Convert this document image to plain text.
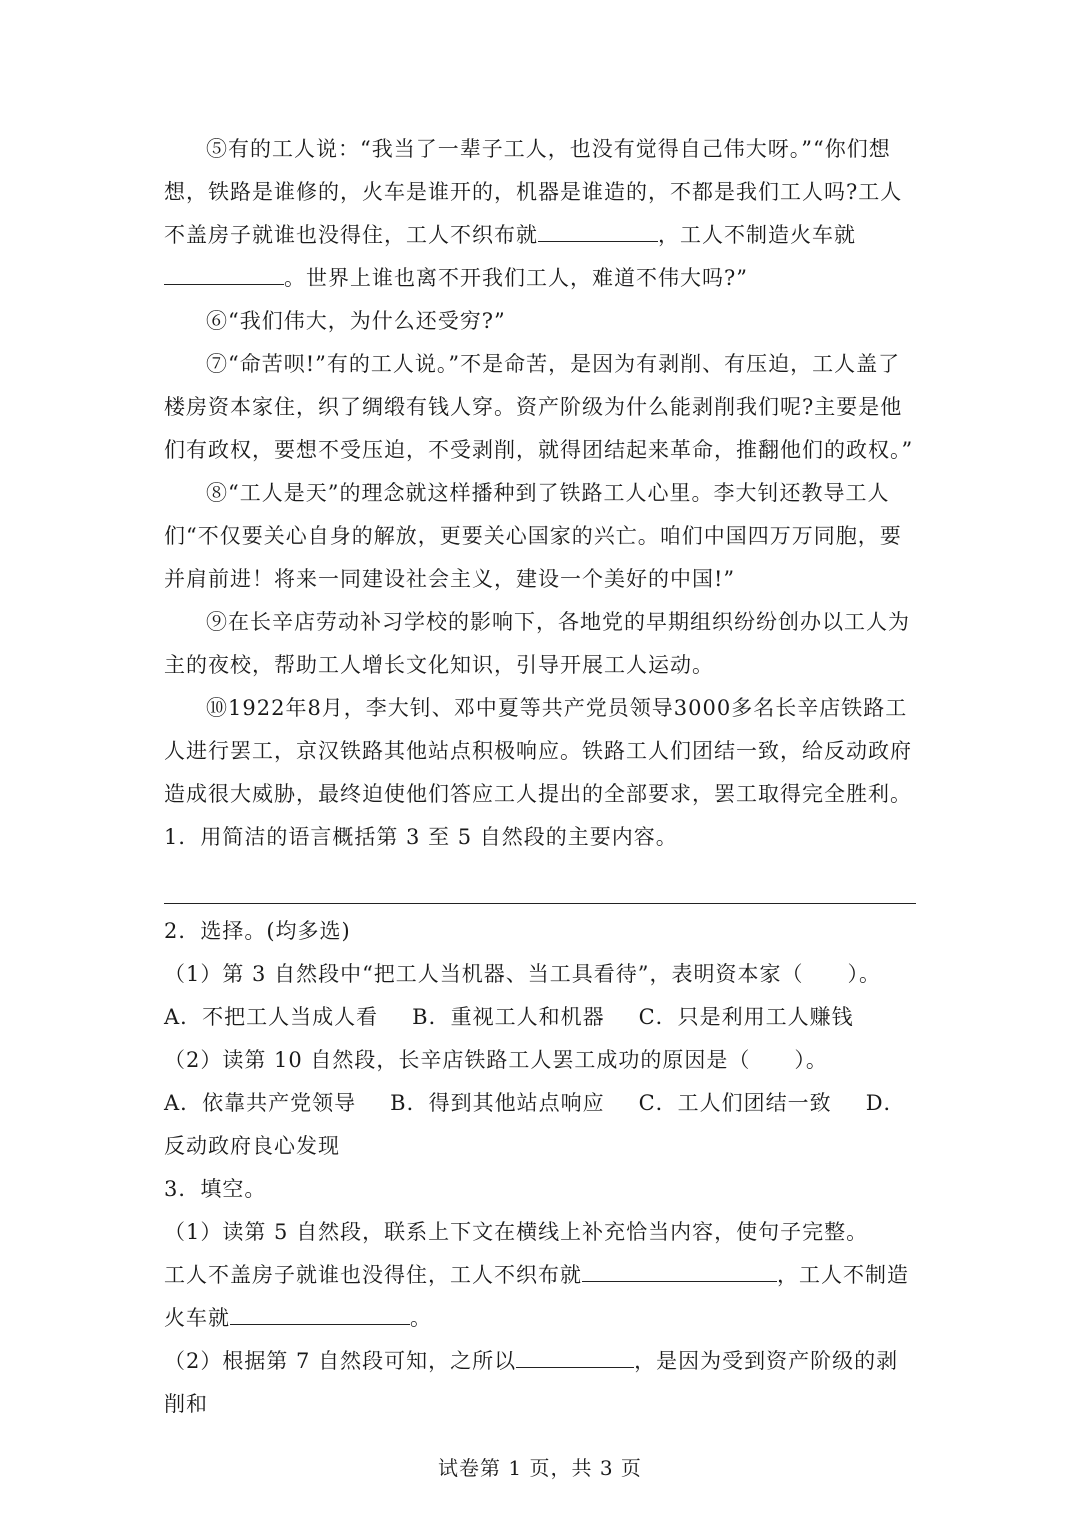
⑤有的工人说：“我当了一辈子工人，也没有觉得自己伟大呀。”“你们想想，铁路是谁修的，火车是谁开的，机器是谁造的，不都是我们工人吗?工人不盖房子就谁也没得住，工人不织布就	，工人不制造火车就。世界上谁也离不开我们工人，难道不伟大吗?”

⑥“我们伟大，为什么还受穷?”

⑦“命苦呗!”有的工人说。”不是命苦，是因为有剥削、有压迫，工人盖了楼房资本家住，织了绸缎有钱人穿。资产阶级为什么能剥削我们呢?主要是他们有政权，要想不受压迫，不受剥削，就得团结起来革命，推翻他们的政权。”

⑧“工人是天”的理念就这样播种到了铁路工人心里。李大钊还教导工人们“不仅要关心自身的解放，更要关心国家的兴亡。咱们中国四万万同胞，要并肩前进！将来一同建设社会主义，建设一个美好的中国!”

⑨在长辛店劳动补习学校的影响下，各地党的早期组织纷纷创办以工人为主的夜校，帮助工人增长文化知识，引导开展工人运动。

⑩1922年8月，李大钊、邓中夏等共产党员领导3000多名长辛店铁路工人进行罢工，京汉铁路其他站点积极响应。铁路工人们团结一致，给反动政府造成很大威胁，最终迫使他们答应工人提出的全部要求，罢工取得完全胜利。

1．用简洁的语言概括第 3 至 5 自然段的主要内容。

2．选择。(均多选)

（1）第 3 自然段中“把工人当机器、当工具看待”，表明资本家（　　）。

A．不把工人当成人看 B．重视工人和机器 C．只是利用工人赚钱

（2）读第 10 自然段，长辛店铁路工人罢工成功的原因是（　　）。

A．依靠共产党领导 B．得到其他站点响应 C．工人们团结一致 D．反动政府良心发现

3．填空。

（1）读第 5 自然段，联系上下文在横线上补充恰当内容，使句子完整。

工人不盖房子就谁也没得住，工人不织布就	，工人不制造火车就	。

（2）根据第 7 自然段可知，之所以	，是因为受到资产阶级的剥削和

试卷第 1 页，共 3 页
